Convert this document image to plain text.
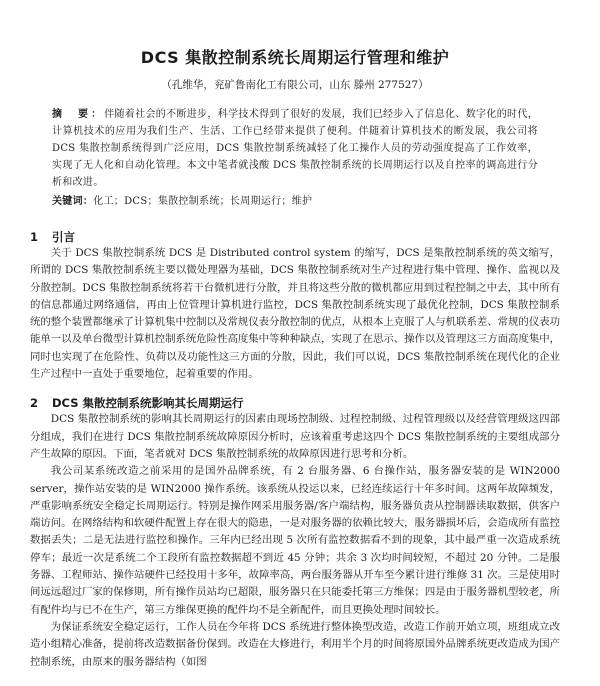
DCS 集散控制系统长周期运行管理和维护
（孔维华，兖矿鲁南化工有限公司，山东 滕州 277527）
摘　要：伴随着社会的不断进步，科学技术得到了很好的发展，我们已经步入了信息化、数字化的时代，计算机技术的应用为我们生产、生活、工作已经带来提供了便利。伴随着计算机技术的断发展，我公司将 DCS 集散控制系统得到广泛应用，DCS 集散控制系统减轻了化工操作人员的劳动强度提高了工作效率，实现了无人化和自动化管理。本文中笔者就浅酸 DCS 集散控制系统的长周期运行以及自控率的调高进行分析和改进。
关键词：化工；DCS；集散控制系统；长周期运行；维护
1 引言

关于 DCS 集散控制系统 DCS 是 Distributed control system 的缩写，DCS 是集散控制系统的英文缩写，所谓的 DCS 集散控制系统主要以微处理器为基础，DCS 集散控制系统对生产过程进行集中管理、操作、监视以及分散控制。DCS 集散控制系统将若干台微机进行分散，并且将这些分散的微机都应用到过程控制之中去，其中所有的信息都通过网络通信，再由上位管理计算机进行监控，DCS 集散控制系统实现了最优化控制，DCS 集散控制系统的整个装置都继承了计算机集中控制以及常规仪表分散控制的优点，从根本上克服了人与机联系差、常规的仪表功能单一以及单台微型计算机控制系统危险性高度集中等种种缺点，实现了在思示、操作以及管理这三方面高度集中，同时也实现了在危险性、负荷以及功能性这三方面的分散，因此，我们可以说，DCS 集散控制系统在现代化的企业生产过程中一直处于重要地位，起着重要的作用。

2 DCS 集散控制系统影响其长周期运行

DCS 集散控制系统的影响其长周期运行的因素由现场控制级、过程控制级、过程管理级以及经营管理级这四部分组成，我们在进行 DCS 集散控制系统故障原因分析时，应该着重考虑这四个 DCS 集散控制系统的主要组成部分产生故障的原因。下面，笔者就对 DCS 集散控制系统的故障原因进行思考和分析。

我公司某系统改造之前采用的是国外品牌系统，有 2 台服务器、6 台操作站，服务器安装的是 WIN2000 server，操作站安装的是 WIN2000 操作系统。该系统从投运以来，已经连续运行十年多时间。这两年故障频发，严重影响系统安全稳定长周期运行。特别是操作网采用服务器/客户端结构，服务器负责从控制器读取数据，供客户端访问。在网络结构和软硬件配置上存在很大的隐患，一是对服务器的依赖比较大，服务器损坏后，会造成所有监控数据丢失；二是无法进行监控和操作。三年内已经出现 5 次所有监控数据看不到的现象，其中最严重一次造成系统停车；最近一次是系统二个工段所有监控数据超不到近 45 分钟；共余 3 次均时间较短，不超过 20 分钟。二是服务器、工程师站、操作站硬件已经投用十多年，故障率高，两台服务器从开车至今累计进行维修 31 次。三是使用时间远远超过厂家的保修期，所有操作员站均已超限，服务器只在只能委托第三方维保；四是由于服务器机型较老，所有配件均与已不在生产，第三方维保更换的配件均不是全新配件，而且更换处理时间较长。

为保证系统安全稳定运行，工作人员在今年将 DCS 系统进行整体换型改造，改造工作前开始立项，班组成立改造小组精心准备，提前将改造数据备份保到。改造在大修进行，利用半个月的时间将原国外品牌系统更改造成为国产控制系统，由原来的服务器结构（如图
